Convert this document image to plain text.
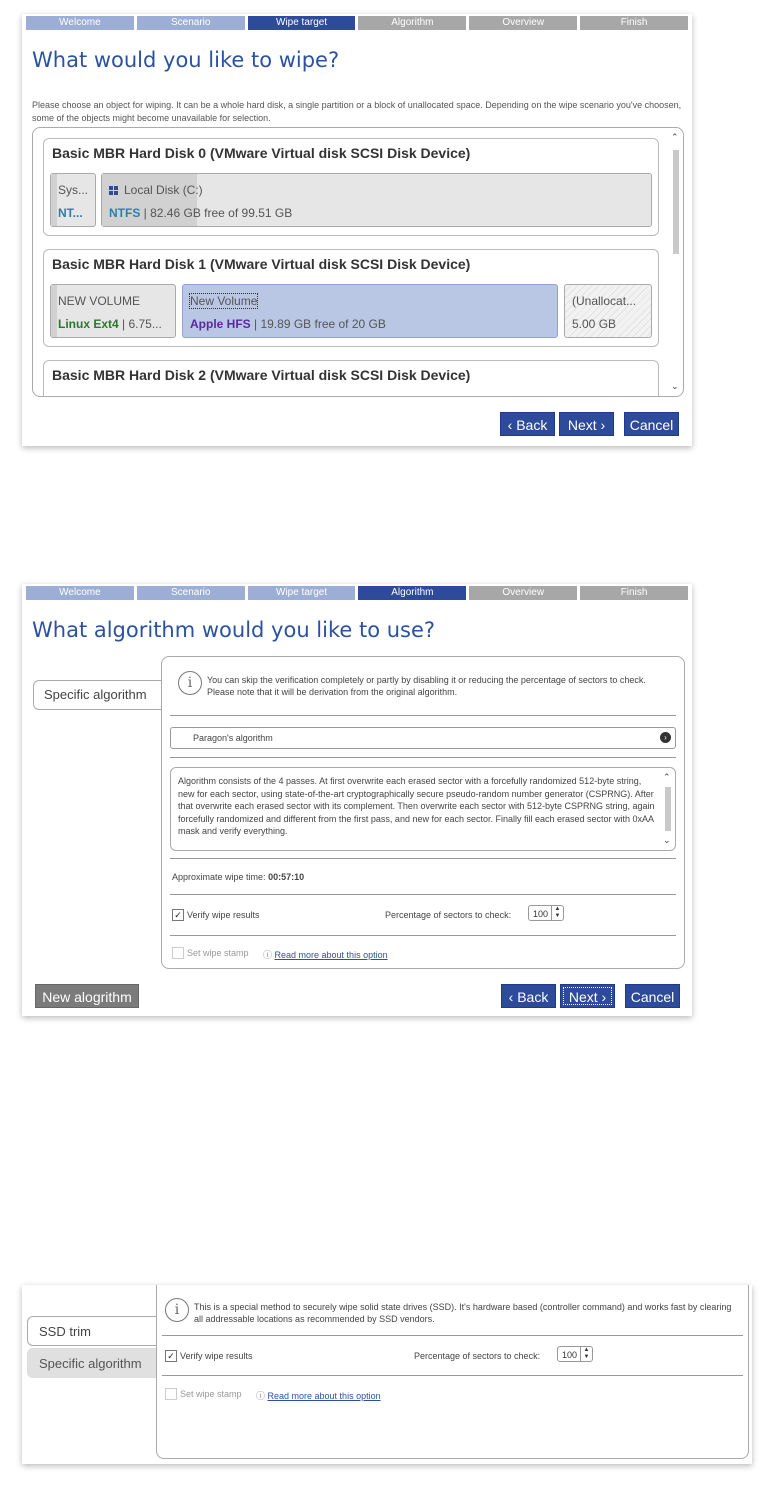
Welcome	Scenario	Wipe target	Algorithm	Overview	Finish
What would you like to wipe?
Please choose an object for wiping. It can be a whole hard disk, a single partition or a block of unallocated space. Depending on the wipe scenario you've choosen, some of the objects might become unavailable for selection.
Basic MBR Hard Disk 0 (VMware Virtual disk SCSI Disk Device)
Sys...
NT...
Local Disk (C:)
NTFS | 82.46 GB free of 99.51 GB
Basic MBR Hard Disk 1 (VMware Virtual disk SCSI Disk Device)
NEW VOLUME
Linux Ext4 | 6.75...
New Volume
Apple HFS | 19.89 GB free of 20 GB
(Unallocat...
5.00 GB
Basic MBR Hard Disk 2 (VMware Virtual disk SCSI Disk Device)
⌃
⌄
‹ Back	Next ›	Cancel
Welcome	Scenario	Wipe target	Algorithm	Overview	Finish
What algorithm would you like to use?
Specific algorithm
i	You can skip the verification completely or partly by disabling it or reducing the percentage of sectors to check. Please note that it will be derivation from the original algorithm.
Paragon's algorithm	›
Algorithm consists of the 4 passes. At first overwrite each erased sector with a forcefully randomized 512-byte string, new for each sector, using state-of-the-art cryptographically secure pseudo-random number generator (CSPRNG). After that overwrite each erased sector with its complement. Then overwrite each sector with 512-byte CSPRNG string, again forcefully randomized and different from the first pass, and new for each sector. Finally fill each erased sector with 0xAA mask and verify everything.
⌃
⌄
Approximate wipe time: 00:57:10
✓ Verify wipe results	Percentage of sectors to check: 100	▲
▼
Set wipe stamp ⓘ Read more about this option
New alogrithm	‹ Back	Next ›	Cancel
SSD trim
Specific algorithm
i	This is a special method to securely wipe solid state drives (SSD). It's hardware based (controller command) and works fast by clearing all addressable locations as recommended by SSD vendors.
✓ Verify wipe results	Percentage of sectors to check: 100	▲
▼
Set wipe stamp ⓘ Read more about this option
